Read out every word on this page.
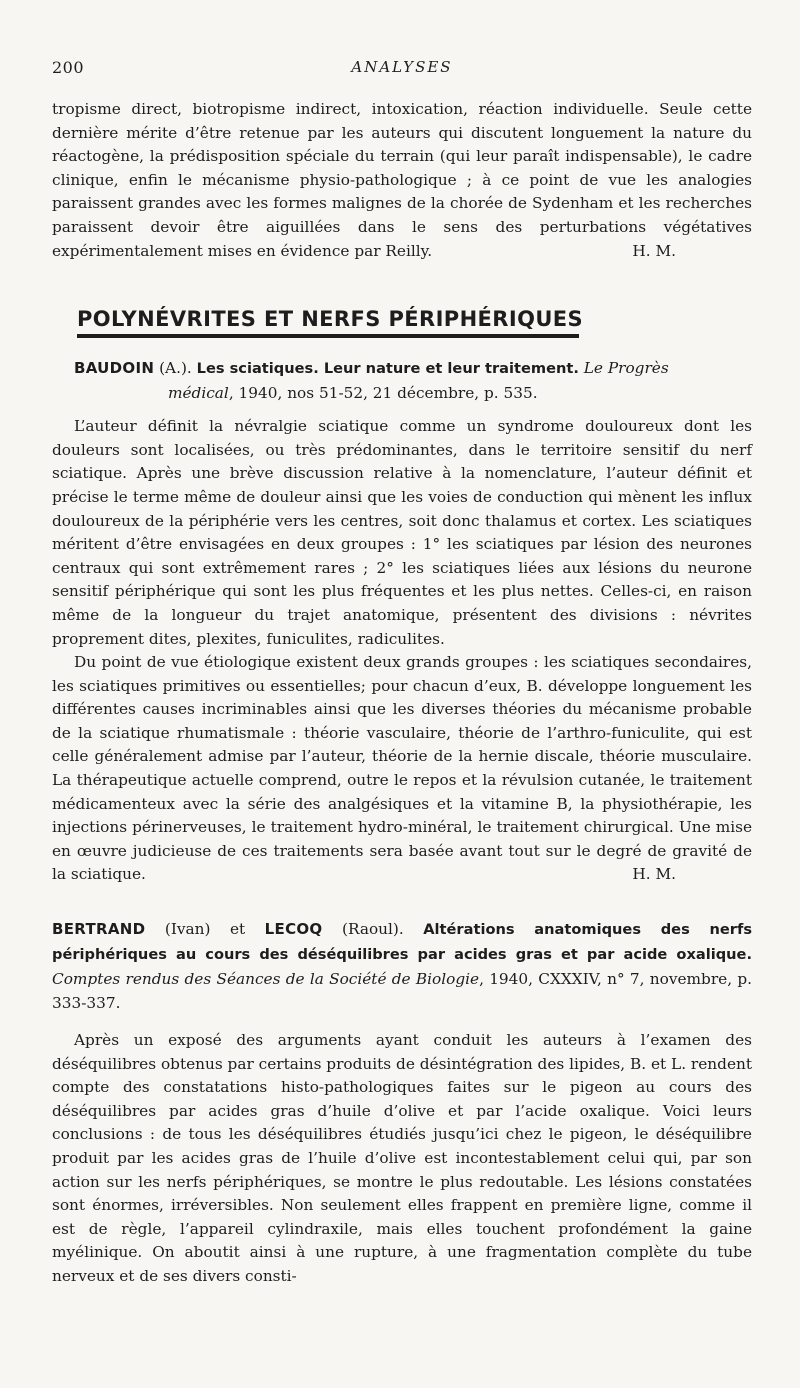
200	ANALYSES

tropisme direct, biotropisme indirect, intoxication, réaction individuelle. Seule cette dernière mérite d’être retenue par les auteurs qui discutent longuement la nature du réactogène, la prédisposition spéciale du terrain (qui leur paraît indispensable), le cadre clinique, enfin le mécanisme physio-pathologique ; à ce point de vue les analogies paraissent grandes avec les formes malignes de la chorée de Sydenham et les recherches paraissent devoir être aiguillées dans le sens des perturbations végétatives expérimentalement mises en évidence par Reilly.	H. M.

POLYNÉVRITES ET NERFS PÉRIPHÉRIQUES
BAUDOIN (A.). Les sciatiques. Leur nature et leur traitement. Le Progrès
médical, 1940, nos 51-52, 21 décembre, p. 535.

L’auteur définit la névralgie sciatique comme un syndrome douloureux dont les douleurs sont localisées, ou très prédominantes, dans le territoire sensitif du nerf sciatique. Après une brève discussion relative à la nomenclature, l’auteur définit et précise le terme même de douleur ainsi que les voies de conduction qui mènent les influx douloureux de la périphérie vers les centres, soit donc thalamus et cortex. Les sciatiques méritent d’être envisagées en deux groupes : 1° les sciatiques par lésion des neurones centraux qui sont extrêmement rares ; 2° les sciatiques liées aux lésions du neurone sensitif périphérique qui sont les plus fréquentes et les plus nettes. Celles-ci, en raison même de la longueur du trajet anatomique, présentent des divisions : névrites proprement dites, plexites, funiculites, radiculites.

Du point de vue étiologique existent deux grands groupes : les sciatiques secondaires, les sciatiques primitives ou essentielles; pour chacun d’eux, B. développe longuement les différentes causes incriminables ainsi que les diverses théories du mécanisme probable de la sciatique rhumatismale : théorie vasculaire, théorie de l’arthro-funiculite, qui est celle généralement admise par l’auteur, théorie de la hernie discale, théorie musculaire. La thérapeutique actuelle comprend, outre le repos et la révulsion cutanée, le traitement médicamenteux avec la série des analgésiques et la vitamine B, la physiothérapie, les injections périnerveuses, le traitement hydro-minéral, le traitement chirurgical. Une mise en œuvre judicieuse de ces traitements sera basée avant tout sur le degré de gravité de la sciatique.	H. M.

BERTRAND (Ivan) et LECOQ (Raoul). Altérations anatomiques des nerfs périphériques au cours des déséquilibres par acides gras et par acide oxalique. Comptes rendus des Séances de la Société de Biologie, 1940, CXXXIV, n° 7, novembre, p. 333-337.

Après un exposé des arguments ayant conduit les auteurs à l’examen des déséquilibres obtenus par certains produits de désintégration des lipides, B. et L. rendent compte des constatations histo-pathologiques faites sur le pigeon au cours des déséquilibres par acides gras d’huile d’olive et par l’acide oxalique. Voici leurs conclusions : de tous les déséquilibres étudiés jusqu’ici chez le pigeon, le déséquilibre produit par les acides gras de l’huile d’olive est incontestablement celui qui, par son action sur les nerfs périphériques, se montre le plus redoutable. Les lésions constatées sont énormes, irréversibles. Non seulement elles frappent en première ligne, comme il est de règle, l’appareil cylindraxile, mais elles touchent profondément la gaine myélinique. On aboutit ainsi à une rupture, à une fragmentation complète du tube nerveux et de ses divers consti-
